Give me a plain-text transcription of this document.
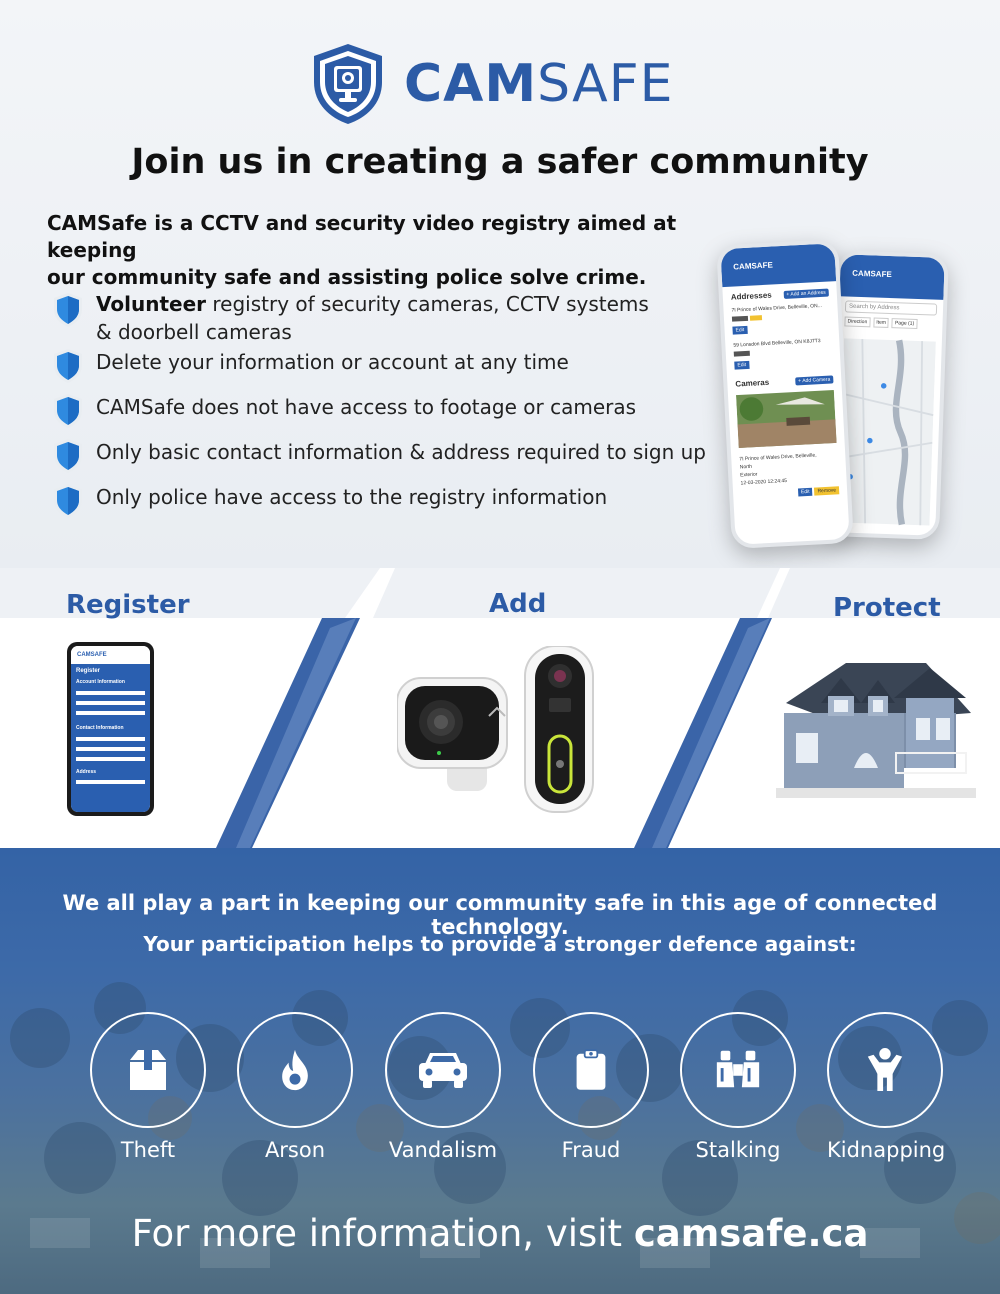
CAMSAFE
Join us in creating a safer community
CAMSafe is a CCTV and security video registry aimed at keeping
our community safe and assisting police solve crime.
Volunteer registry of security cameras, CCTV systems
& doorbell cameras
Delete your information or account at any time
CAMSafe does not have access to footage or cameras
Only basic contact information & address required to sign up
Only police have access to the registry information
CAMSAFE
Search by Address
Direction	Item	Page (1)
CAMSAFE
Addresses	+ Add an Address
7I Prince of Wales Drive, Belleville, ON...

Edit
59 Lonsdon Blvd Belleville, ON K8J7T3
Edit
Cameras	+ Add Camera
7I Prince of Wales Drive, Belleville,
North
Exterior
12-03-2020 12:24:45
Edit Remove
Register	Add	Protect
CAMSAFE
Register
Account Information
Contact Information
Address
We all play a part in keeping our community safe in this age of connected technology.
Your participation helps to provide a stronger defence against:
Theft	Arson	Vandalism	Fraud	Stalking	Kidnapping
For more information, visit camsafe.ca
